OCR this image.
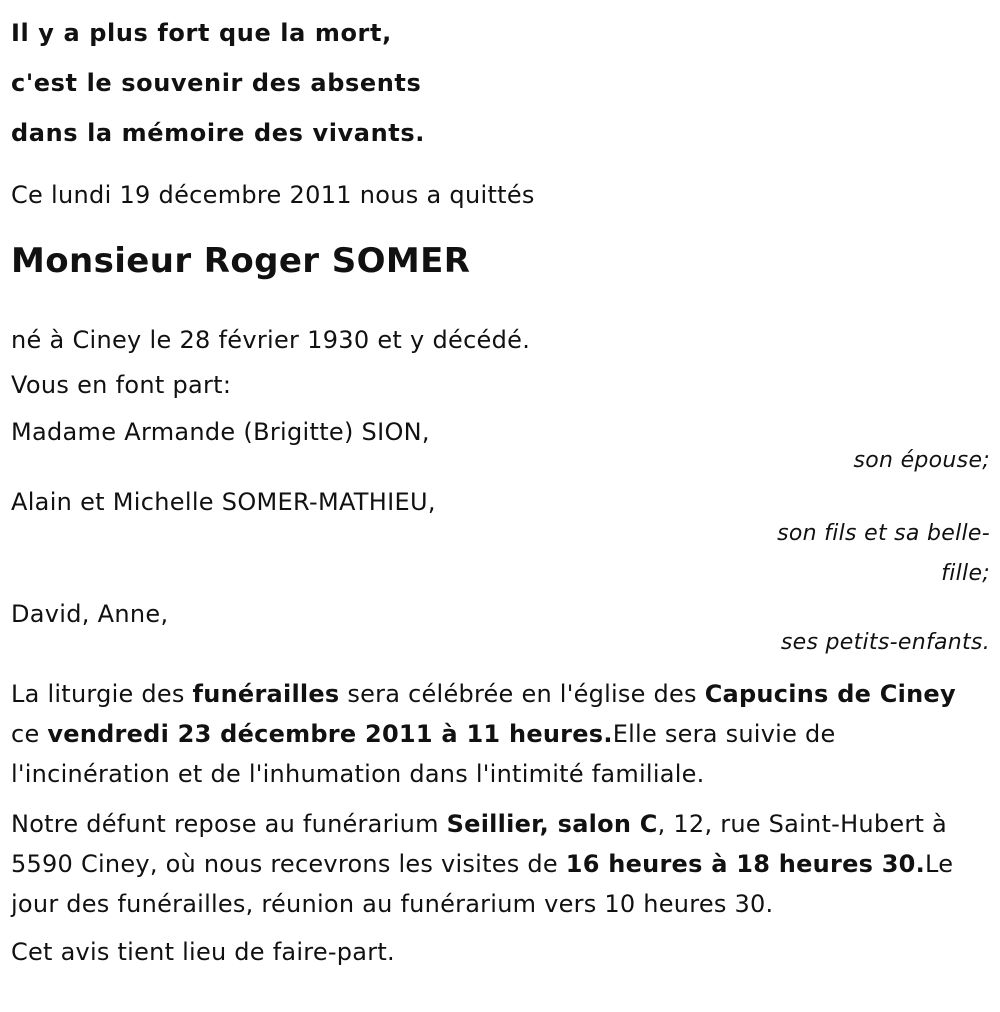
Il y a plus fort que la mort,
c'est le souvenir des absents
dans la mémoire des vivants.

Ce lundi 19 décembre 2011 nous a quittés

Monsieur Roger SOMER

né à Ciney le 28 février 1930 et y décédé.

Vous en font part:

Madame Armande (Brigitte) SION,
son épouse;
Alain et Michelle SOMER-MATHIEU,
son fils et sa belle-fille;
David, Anne,
ses petits-enfants.

La liturgie des funérailles sera célébrée en l'église des Capucins de Ciney ce vendredi 23 décembre 2011 à 11 heures.Elle sera suivie de l'incinération et de l'inhumation dans l'intimité familiale.

Notre défunt repose au funérarium Seillier, salon C, 12, rue Saint-Hubert à 5590 Ciney, où nous recevrons les visites de 16 heures à 18 heures 30.Le jour des funérailles, réunion au funérarium vers 10 heures 30.

Cet avis tient lieu de faire-part.
